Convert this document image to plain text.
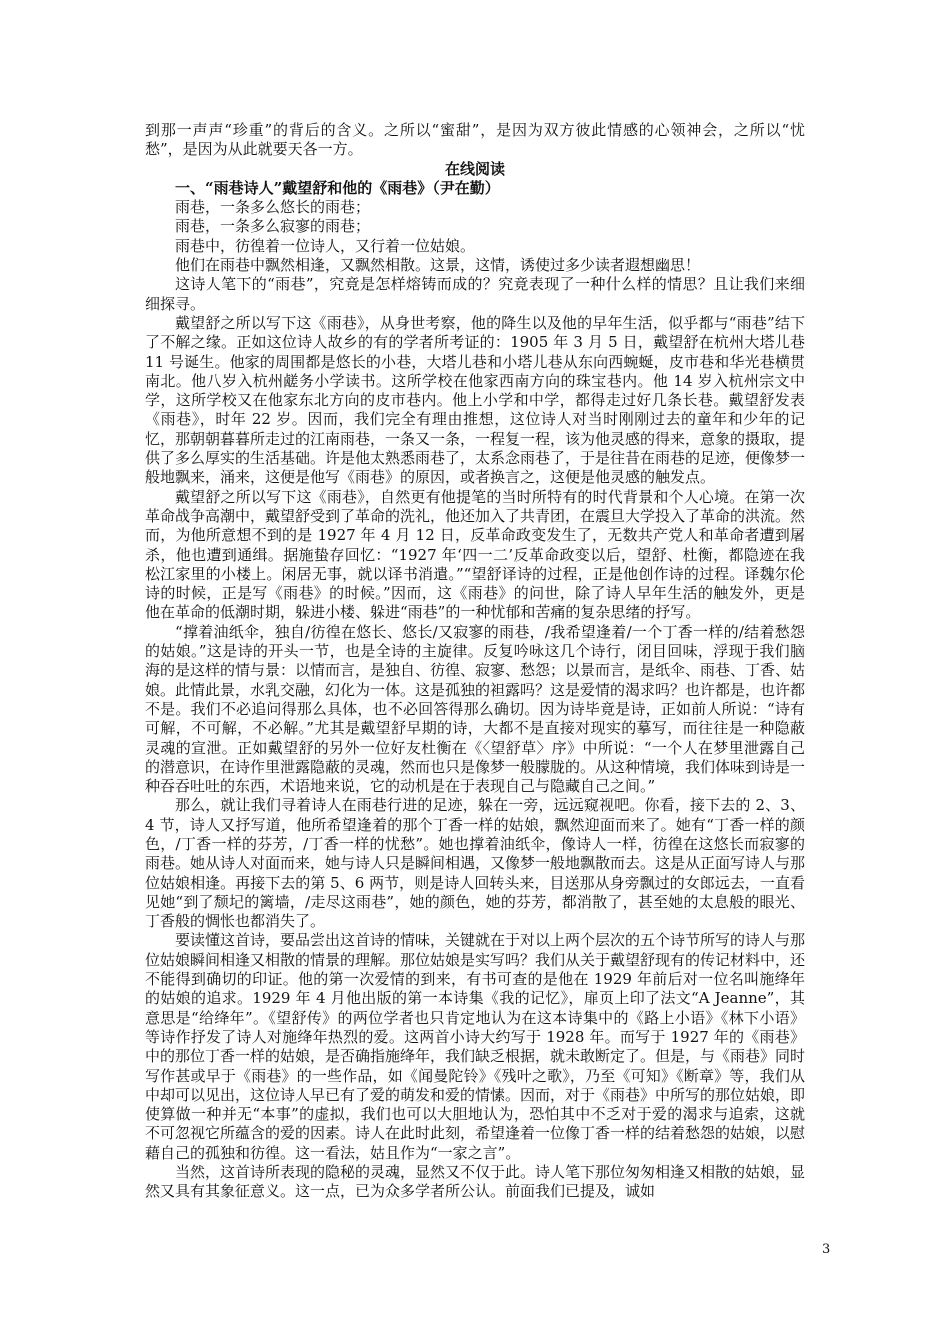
到那一声声“珍重”的背后的含义。之所以“蜜甜”，是因为双方彼此情感的心领神会，之所以“忧愁”，是因为从此就要天各一方。

在线阅读
一、“雨巷诗人”戴望舒和他的《雨巷》（尹在勤）

雨巷，一条多么悠长的雨巷；

雨巷，一条多么寂寥的雨巷；

雨巷中，彷徨着一位诗人，又行着一位姑娘。

他们在雨巷中飘然相逢，又飘然相散。这景，这情，诱使过多少读者遐想幽思！

这诗人笔下的“雨巷”，究竟是怎样熔铸而成的？究竟表现了一种什么样的情思？且让我们来细细探寻。

戴望舒之所以写下这《雨巷》，从身世考察，他的降生以及他的早年生活，似乎都与“雨巷”结下了不解之缘。正如这位诗人故乡的有的学者所考证的：1905 年 3 月 5 日，戴望舒在杭州大塔儿巷 11 号诞生。他家的周围都是悠长的小巷，大塔儿巷和小塔儿巷从东向西蜿蜒，皮市巷和华光巷横贯南北。他八岁入杭州鹾务小学读书。这所学校在他家西南方向的珠宝巷内。他 14 岁入杭州宗文中学，这所学校又在他家东北方向的皮市巷内。他上小学和中学，都得走过好几条长巷。戴望舒发表《雨巷》，时年 22 岁。因而，我们完全有理由推想，这位诗人对当时刚刚过去的童年和少年的记忆，那朝朝暮暮所走过的江南雨巷，一条又一条，一程复一程，该为他灵感的得来，意象的摄取，提供了多么厚实的生活基础。许是他太熟悉雨巷了，太系念雨巷了，于是往昔在雨巷的足迹，便像梦一般地飘来，涌来，这便是他写《雨巷》的原因，或者换言之，这便是他灵感的触发点。

戴望舒之所以写下这《雨巷》，自然更有他提笔的当时所特有的时代背景和个人心境。在第一次革命战争高潮中，戴望舒受到了革命的洗礼，他还加入了共青团，在震旦大学投入了革命的洪流。然而，为他所意想不到的是 1927 年 4 月 12 日，反革命政变发生了，无数共产党人和革命者遭到屠杀，他也遭到通缉。据施蛰存回忆：“1927 年‘四一二’反革命政变以后，望舒、杜衡，都隐迹在我松江家里的小楼上。闲居无事，就以译书消遣。”“望舒译诗的过程，正是他创作诗的过程。译魏尔伦诗的时候，正是写《雨巷》的时候。”因而，这《雨巷》的问世，除了诗人早年生活的触发外，更是他在革命的低潮时期，躲进小楼、躲进“雨巷”的一种忧郁和苦痛的复杂思绪的抒写。

“撑着油纸伞，独自/彷徨在悠长、悠长/又寂寥的雨巷，/我希望逢着/一个丁香一样的/结着愁怨的姑娘。”这是诗的开头一节，也是全诗的主旋律。反复吟咏这几个诗行，闭目回味，浮现于我们脑海的是这样的情与景：以情而言，是独自、彷徨、寂寥、愁怨；以景而言，是纸伞、雨巷、丁香、姑娘。此情此景，水乳交融，幻化为一体。这是孤独的袒露吗？这是爱情的渴求吗？也许都是，也许都不是。我们不必追问得那么具体，也不必回答得那么确切。因为诗毕竟是诗，正如前人所说：“诗有可解，不可解，不必解。”尤其是戴望舒早期的诗，大都不是直接对现实的摹写，而往往是一种隐蔽灵魂的宣泄。正如戴望舒的另外一位好友杜衡在《〈望舒草〉序》中所说：“一个人在梦里泄露自己的潜意识，在诗作里泄露隐蔽的灵魂，然而也只是像梦一般朦胧的。从这种情境，我们体味到诗是一种吞吞吐吐的东西，术语地来说，它的动机是在于表现自己与隐藏自己之间。”

那么，就让我们寻着诗人在雨巷行进的足迹，躲在一旁，远远窥视吧。你看，接下去的 2、3、4 节，诗人又抒写道，他所希望逢着的那个丁香一样的姑娘，飘然迎面而来了。她有“丁香一样的颜色，/丁香一样的芬芳，/丁香一样的忧愁”。她也撑着油纸伞，像诗人一样，彷徨在这悠长而寂寥的雨巷。她从诗人对面而来，她与诗人只是瞬间相遇，又像梦一般地飘散而去。这是从正面写诗人与那位姑娘相逢。再接下去的第 5、6 两节，则是诗人回转头来，目送那从身旁飘过的女郎远去，一直看见她“到了颓圮的篱墙，/走尽这雨巷”，她的颜色，她的芬芳，都消散了，甚至她的太息般的眼光、丁香般的惆怅也都消失了。

要读懂这首诗，要品尝出这首诗的情味，关键就在于对以上两个层次的五个诗节所写的诗人与那位姑娘瞬间相逢又相散的情景的理解。那位姑娘是实写吗？我们从关于戴望舒现有的传记材料中，还不能得到确切的印证。他的第一次爱情的到来，有书可查的是他在 1929 年前后对一位名叫施绛年的姑娘的追求。1929 年 4 月他出版的第一本诗集《我的记忆》，扉页上印了法文“A Jeanne”，其意思是“给绛年”。《望舒传》的两位学者也只肯定地认为在这本诗集中的《路上小语》《林下小语》等诗作抒发了诗人对施绛年热烈的爱。这两首小诗大约写于 1928 年。而写于 1927 年的《雨巷》中的那位丁香一样的姑娘，是否确指施绛年，我们缺乏根据，就未敢断定了。但是，与《雨巷》同时写作甚或早于《雨巷》的一些作品，如《闻曼陀铃》《残叶之歌》，乃至《可知》《断章》等，我们从中却可以见出，这位诗人早已有了爱的萌发和爱的情愫。因而，对于《雨巷》中所写的那位姑娘，即使算做一种并无“本事”的虚拟，我们也可以大胆地认为，恐怕其中不乏对于爱的渴求与追索，这就不可忽视它所蕴含的爱的因素。诗人在此时此刻，希望逢着一位像丁香一样的结着愁怨的姑娘，以慰藉自己的孤独和彷徨。这一看法，姑且作为“一家之言”。

当然，这首诗所表现的隐秘的灵魂，显然又不仅于此。诗人笔下那位匆匆相逢又相散的姑娘，显然又具有其象征意义。这一点，已为众多学者所公认。前面我们已提及，诚如

3
